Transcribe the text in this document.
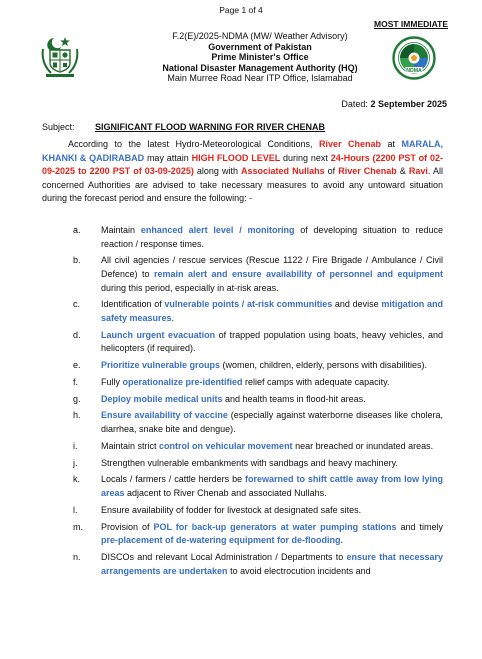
Page 1 of 4
MOST IMMEDIATE
F.2(E)/2025-NDMA (MW/ Weather Advisory)
Government of Pakistan
Prime Minister's Office
National Disaster Management Authority (HQ)
Main Murree Road Near ITP Office, Islamabad
NDMA
Dated: 2 September 2025
Subject: SIGNIFICANT FLOOD WARNING FOR RIVER CHENAB
According to the latest Hydro-Meteorological Conditions, River Chenab at MARALA, KHANKI & QADIRABAD may attain HIGH FLOOD LEVEL during next 24-Hours (2200 PST of 02-09-2025 to 2200 PST of 03-09-2025) along with Associated Nullahs of River Chenab & Ravi. All concerned Authorities are advised to take necessary measures to avoid any untoward situation during the forecast period and ensure the following: -
a. Maintain enhanced alert level / monitoring of developing situation to reduce reaction / response times.
b. All civil agencies / rescue services (Rescue 1122 / Fire Brigade / Ambulance / Civil Defence) to remain alert and ensure availability of personnel and equipment during this period, especially in at-risk areas.
c. Identification of vulnerable points / at-risk communities and devise mitigation and safety measures.
d. Launch urgent evacuation of trapped population using boats, heavy vehicles, and helicopters (if required).
e. Prioritize vulnerable groups (women, children, elderly, persons with disabilities).
f.	Fully operationalize pre-identified relief camps with adequate capacity.
g. Deploy mobile medical units and health teams in flood-hit areas.
h. Ensure availability of vaccine (especially against waterborne diseases like cholera, diarrhea, snake bite and dengue).
i.	Maintain strict control on vehicular movement near breached or inundated areas.
j.	Strengthen vulnerable embankments with sandbags and heavy machinery.
k. Locals / farmers / cattle herders be forewarned to shift cattle away from low lying areas adjacent to River Chenab and associated Nullahs.
l.	Ensure availability of fodder for livestock at designated safe sites.
m. Provision of POL for back-up generators at water pumping stations and timely pre-placement of de-watering equipment for de-flooding.
n. DISCOs and relevant Local Administration / Departments to ensure that necessary arrangements are undertaken to avoid electrocution incidents and
